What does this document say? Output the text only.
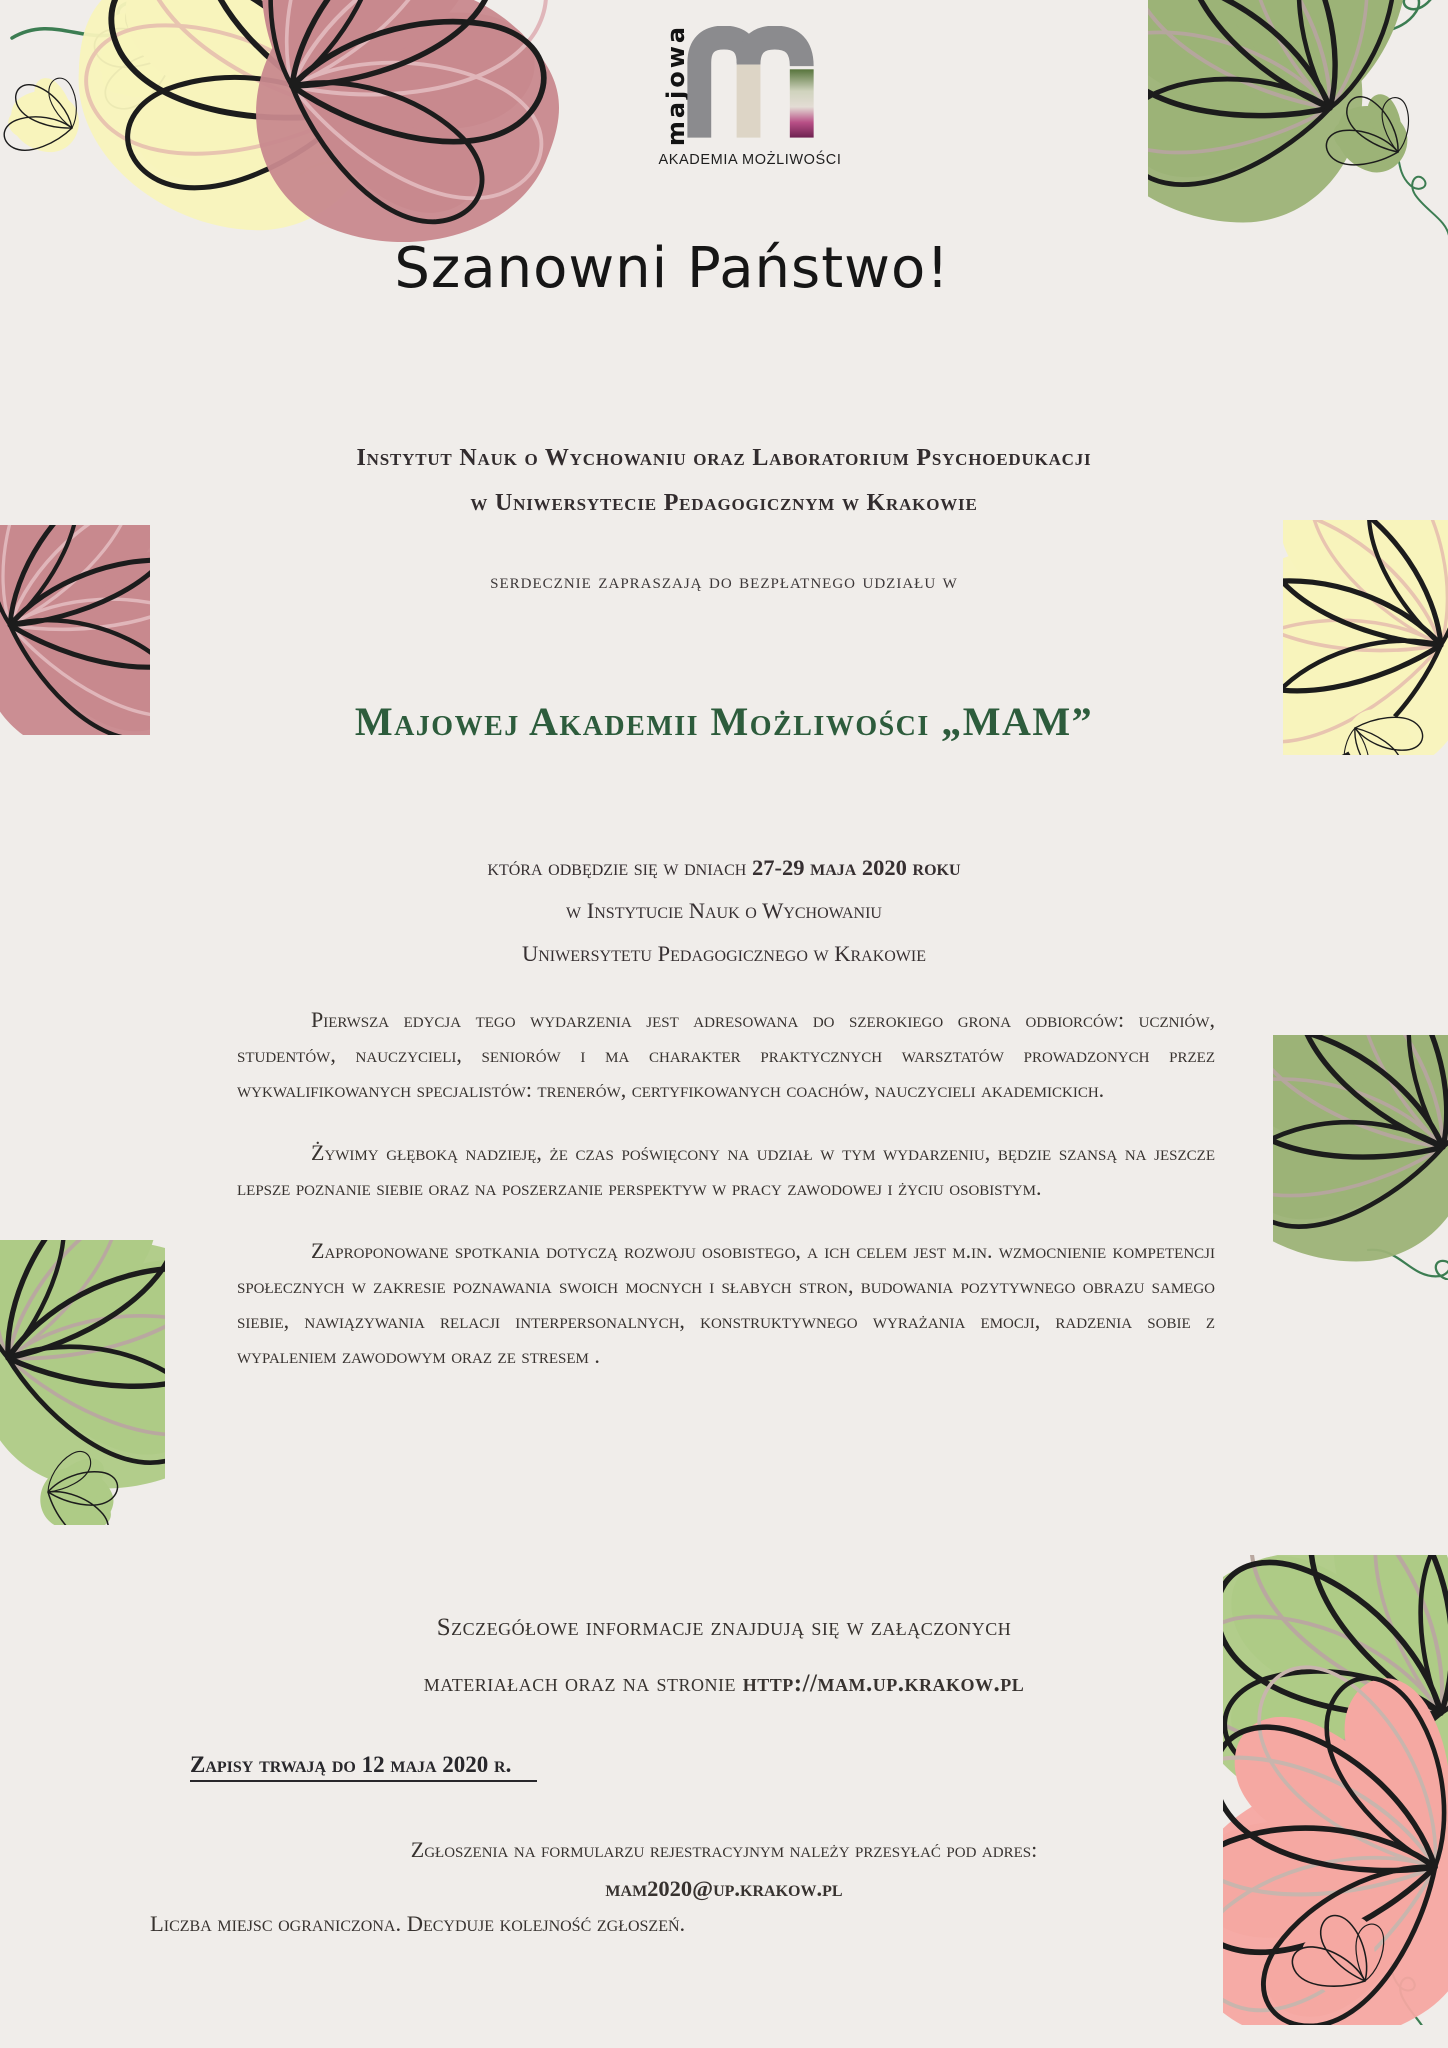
majowa
AKADEMIA MOŻLIWOŚCI
Szanowni Państwo!
Instytut Nauk o Wychowaniu oraz Laboratorium Psychoedukacji
w Uniwersytecie Pedagogicznym w Krakowie
serdecznie zapraszają do bezpłatnego udziału w
Majowej Akademii Możliwości „MAM”
która odbędzie się w dniach 27-29 maja 2020 roku
w Instytucie Nauk o Wychowaniu
Uniwersytetu Pedagogicznego w Krakowie

Pierwsza edycja tego wydarzenia jest adresowana do szerokiego grona odbiorców: uczniów, studentów, nauczycieli, seniorów i ma charakter praktycznych warsztatów prowadzonych przez wykwalifikowanych specjalistów: trenerów, certyfikowanych coachów, nauczycieli akademickich.

Żywimy głęboką nadzieję, że czas poświęcony na udział w tym wydarzeniu, będzie szansą na jeszcze lepsze poznanie siebie oraz na poszerzanie perspektyw w pracy zawodowej i życiu osobistym.

Zaproponowane spotkania dotyczą rozwoju osobistego, a ich celem jest m.in. wzmocnienie kompetencji społecznych w zakresie poznawania swoich mocnych i słabych stron, budowania pozytywnego obrazu samego siebie, nawiązywania relacji interpersonalnych, konstruktywnego wyrażania emocji, radzenia sobie z wypaleniem zawodowym oraz ze stresem .

Szczegółowe informacje znajdują się w załączonych
materiałach oraz na stronie http://mam.up.krakow.pl
Zapisy trwają do 12 maja 2020 r.
Zgłoszenia na formularzu rejestracyjnym należy przesyłać pod adres:
mam2020@up.krakow.pl
Liczba miejsc ograniczona. Decyduje kolejność zgłoszeń.
